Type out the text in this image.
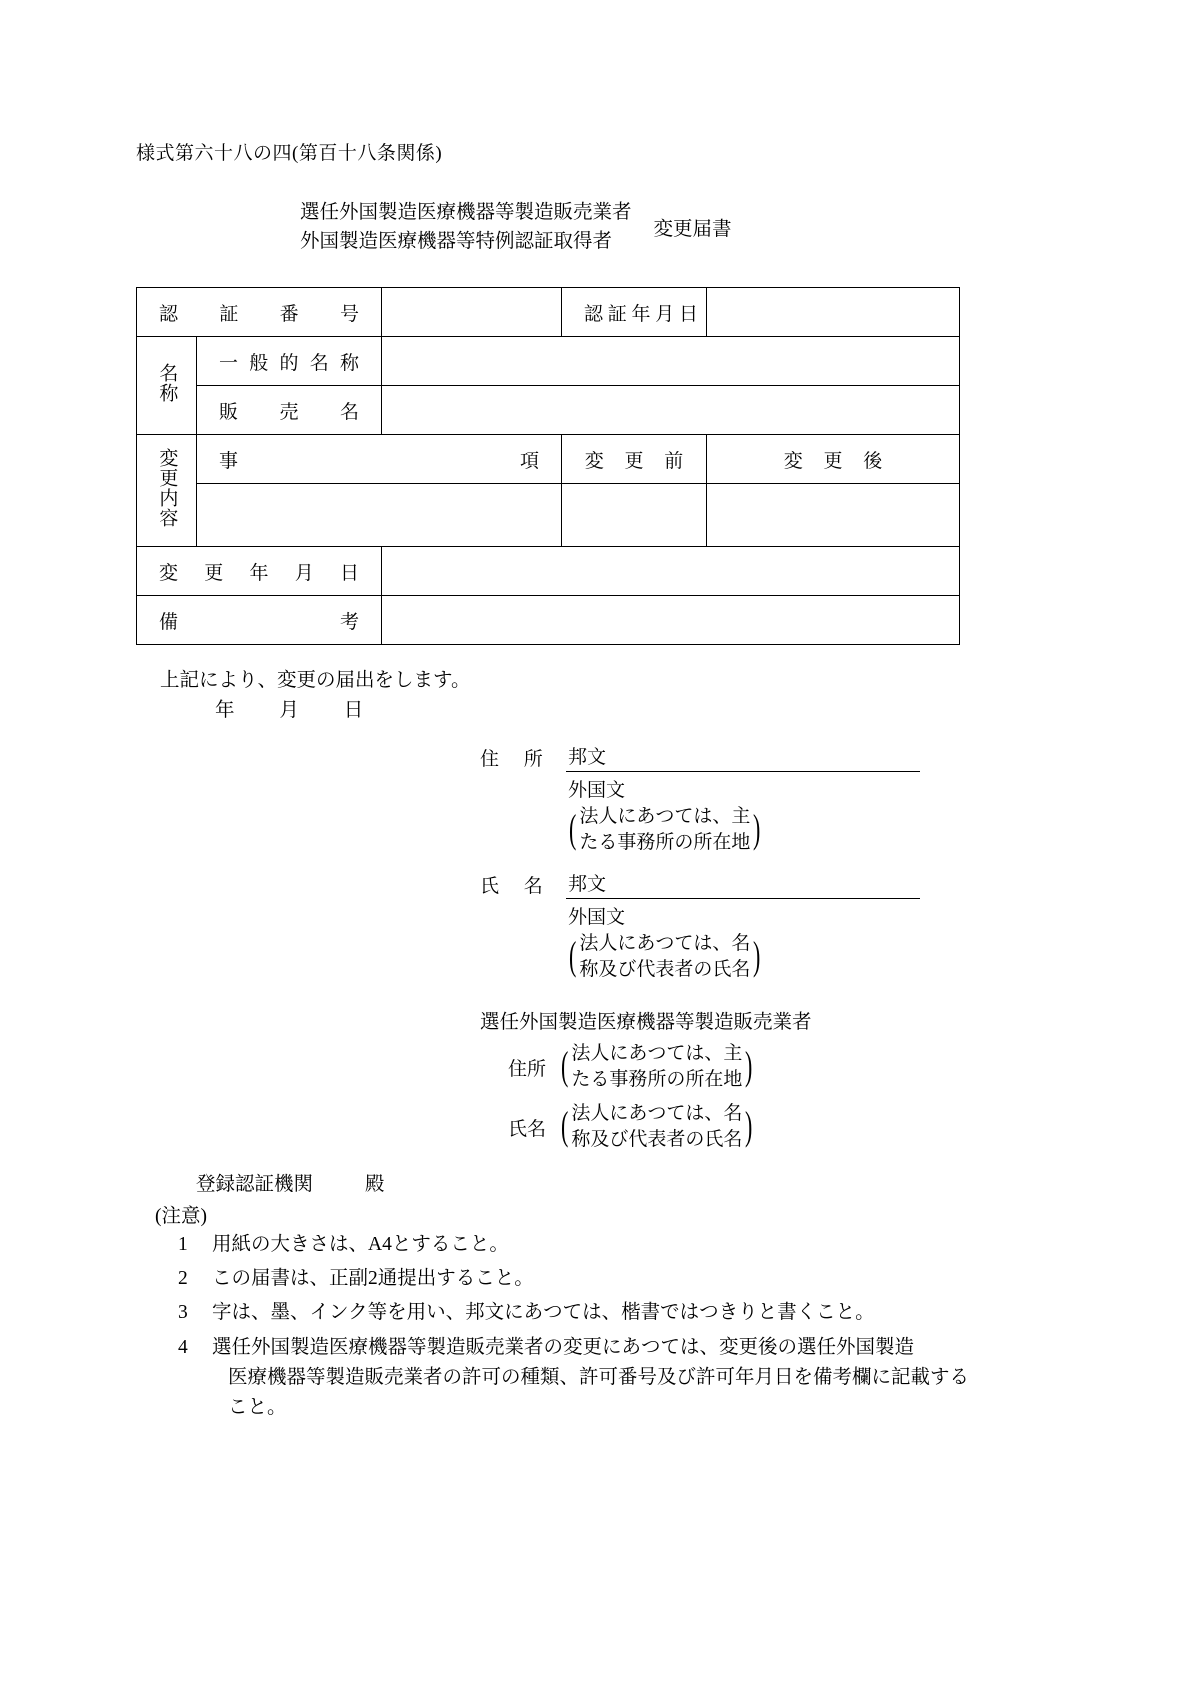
様式第六十八の四(第百十八条関係)
選任外国製造医療機器等製造販売業者
外国製造医療機器等特例認証取得者
変更届書
認 証 番 号			認 証 年 月 日	

名称	一 般 的 名 称			

	販 売 名			

変更内容	事 項		変 更 前	変 更 後

変 更 年 月 日				

備 考				

上記により、変更の届出をします。
年 月 日
住 所 邦文
外国文
( 法人にあつては、主
たる事務所の所在地 )
氏 名 邦文
外国文
( 法人にあつては、名
称及び代表者の氏名 )
選任外国製造医療機器等製造販売業者
住所 ( 法人にあつては、主
たる事務所の所在地 )
氏名 ( 法人にあつては、名
称及び代表者の氏名 )
登録認証機関	殿
(注意)
1	用紙の大きさは、A4とすること。
2	この届書は、正副2通提出すること。
3	字は、墨、インク等を用い、邦文にあつては、楷書ではつきりと書くこと。
4	選任外国製造医療機器等製造販売業者の変更にあつては、変更後の選任外国製造
医療機器等製造販売業者の許可の種類、許可番号及び許可年月日を備考欄に記載する
こと。
